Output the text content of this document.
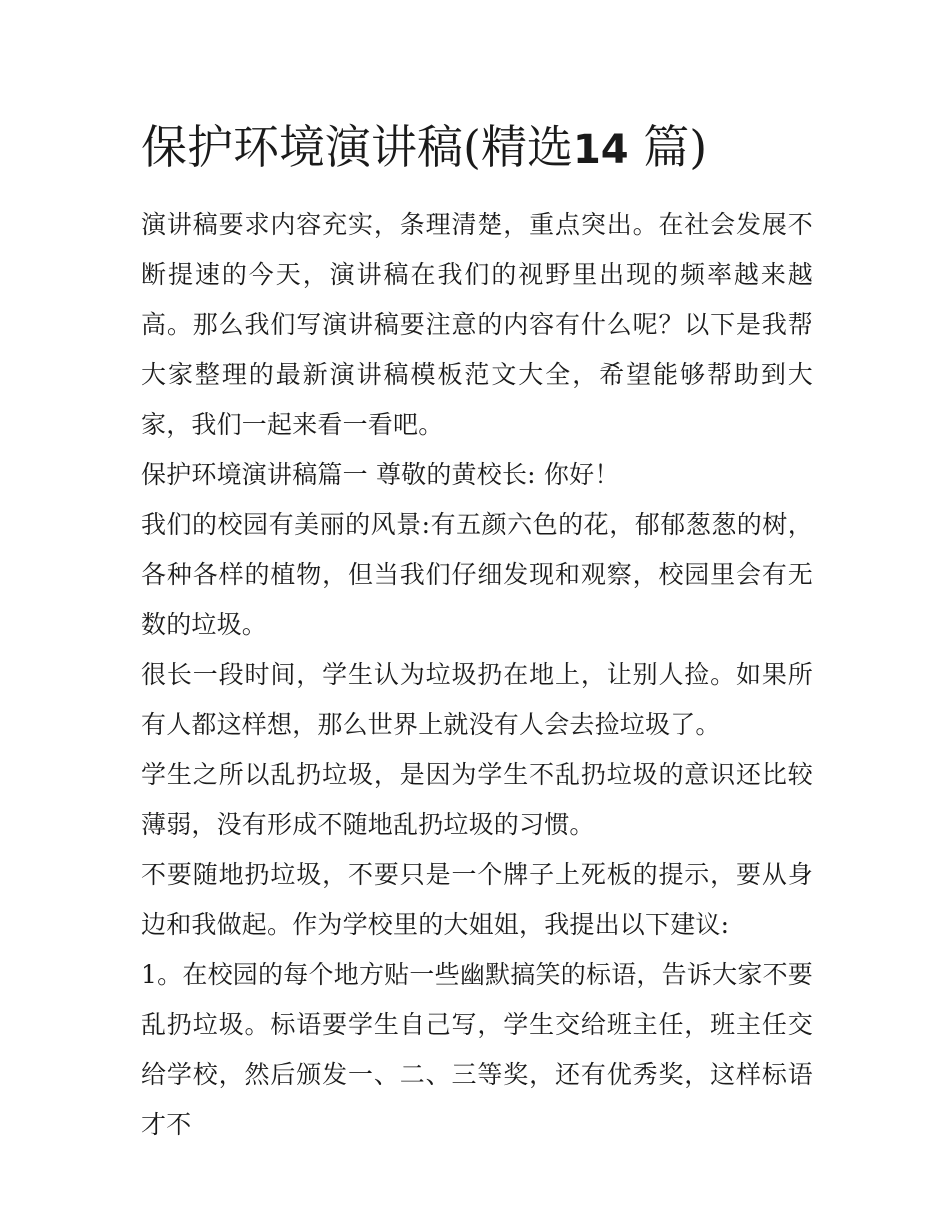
保护环境演讲稿(精选14 篇)

演讲稿要求内容充实，条理清楚，重点突出。在社会发展不断提速的今天，演讲稿在我们的视野里出现的频率越来越高。那么我们写演讲稿要注意的内容有什么呢？以下是我帮大家整理的最新演讲稿模板范文大全，希望能够帮助到大家，我们一起来看一看吧。

保护环境演讲稿篇一 尊敬的黄校长: 你好！

我们的校园有美丽的风景:有五颜六色的花，郁郁葱葱的树，各种各样的植物，但当我们仔细发现和观察，校园里会有无数的垃圾。

很长一段时间，学生认为垃圾扔在地上，让别人捡。如果所有人都这样想，那么世界上就没有人会去捡垃圾了。

学生之所以乱扔垃圾，是因为学生不乱扔垃圾的意识还比较薄弱，没有形成不随地乱扔垃圾的习惯。

不要随地扔垃圾，不要只是一个牌子上死板的提示，要从身边和我做起。作为学校里的大姐姐，我提出以下建议:

1。在校园的每个地方贴一些幽默搞笑的标语，告诉大家不要乱扔垃圾。标语要学生自己写，学生交给班主任，班主任交给学校，然后颁发一、二、三等奖，还有优秀奖，这样标语才不
